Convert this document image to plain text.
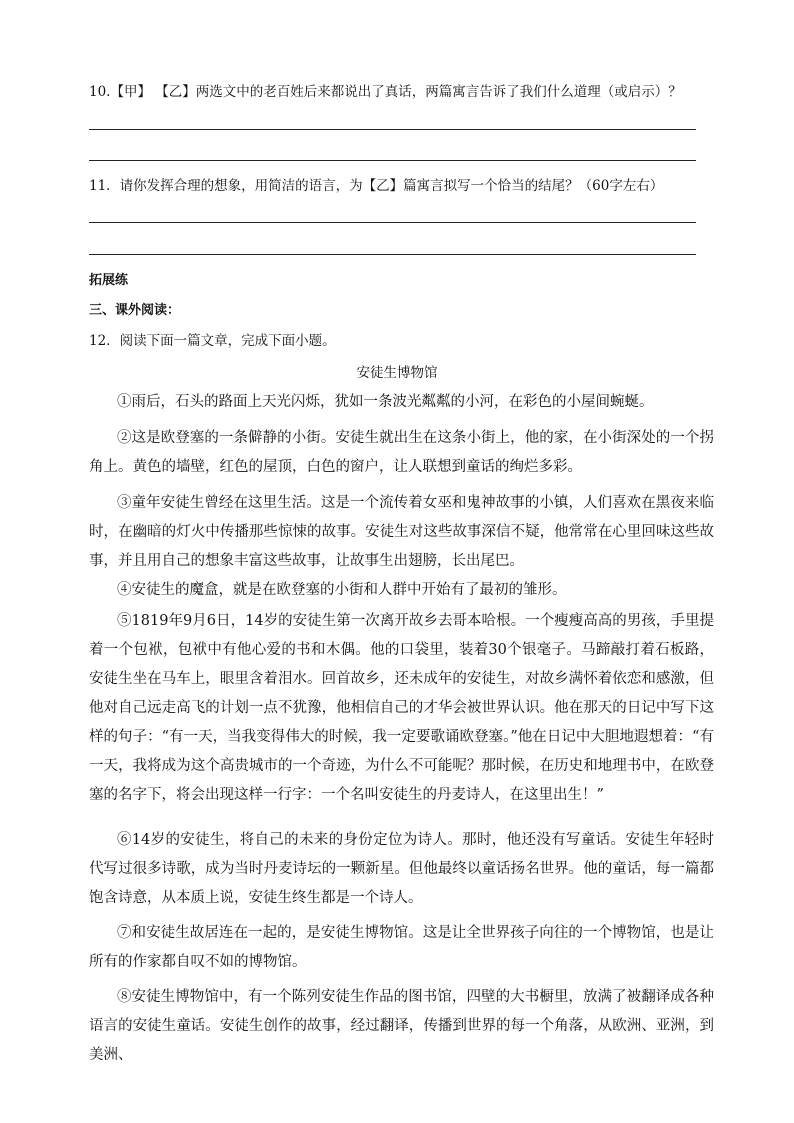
10.【甲】 【乙】两选文中的老百姓后来都说出了真话，两篇寓言告诉了我们什么道理（或启示）？
11．请你发挥合理的想象，用简洁的语言，为【乙】篇寓言拟写一个恰当的结尾？（60字左右）
拓展练
三、课外阅读：
12．阅读下面一篇文章，完成下面小题。
安徒生博物馆
①雨后，石头的路面上天光闪烁，犹如一条波光粼粼的小河，在彩色的小屋间蜿蜒。
②这是欧登塞的一条僻静的小街。安徒生就出生在这条小街上，他的家，在小街深处的一个拐角上。黄色的墙壁，红色的屋顶，白色的窗户，让人联想到童话的绚烂多彩。
③童年安徒生曾经在这里生活。这是一个流传着女巫和鬼神故事的小镇，人们喜欢在黑夜来临时，在幽暗的灯火中传播那些惊悚的故事。安徒生对这些故事深信不疑，他常常在心里回味这些故事，并且用自己的想象丰富这些故事，让故事生出翅膀，长出尾巴。
④安徒生的魔盒，就是在欧登塞的小街和人群中开始有了最初的雏形。
⑤1819年9月6日，14岁的安徒生第一次离开故乡去哥本哈根。一个瘦瘦高高的男孩，手里提着一个包袱，包袱中有他心爱的书和木偶。他的口袋里，装着30个银毫子。马蹄敲打着石板路，安徒生坐在马车上，眼里含着泪水。回首故乡，还未成年的安徒生，对故乡满怀着依恋和感激，但他对自己远走高飞的计划一点不犹豫，他相信自己的才华会被世界认识。他在那天的日记中写下这样的句子：“有一天，当我变得伟大的时候，我一定要歌诵欧登塞。”他在日记中大胆地遐想着：“有一天，我将成为这个高贵城市的一个奇迹，为什么不可能呢？那时候，在历史和地理书中，在欧登塞的名字下，将会出现这样一行字：一个名叫安徒生的丹麦诗人，在这里出生！”
⑥14岁的安徒生，将自己的未来的身份定位为诗人。那时，他还没有写童话。安徒生年轻时代写过很多诗歌，成为当时丹麦诗坛的一颗新星。但他最终以童话扬名世界。他的童话，每一篇都饱含诗意，从本质上说，安徒生终生都是一个诗人。
⑦和安徒生故居连在一起的，是安徒生博物馆。这是让全世界孩子向往的一个博物馆，也是让所有的作家都自叹不如的博物馆。
⑧安徒生博物馆中，有一个陈列安徒生作品的图书馆，四壁的大书橱里，放满了被翻译成各种语言的安徒生童话。安徒生创作的故事，经过翻译，传播到世界的每一个角落，从欧洲、亚洲，到美洲、
